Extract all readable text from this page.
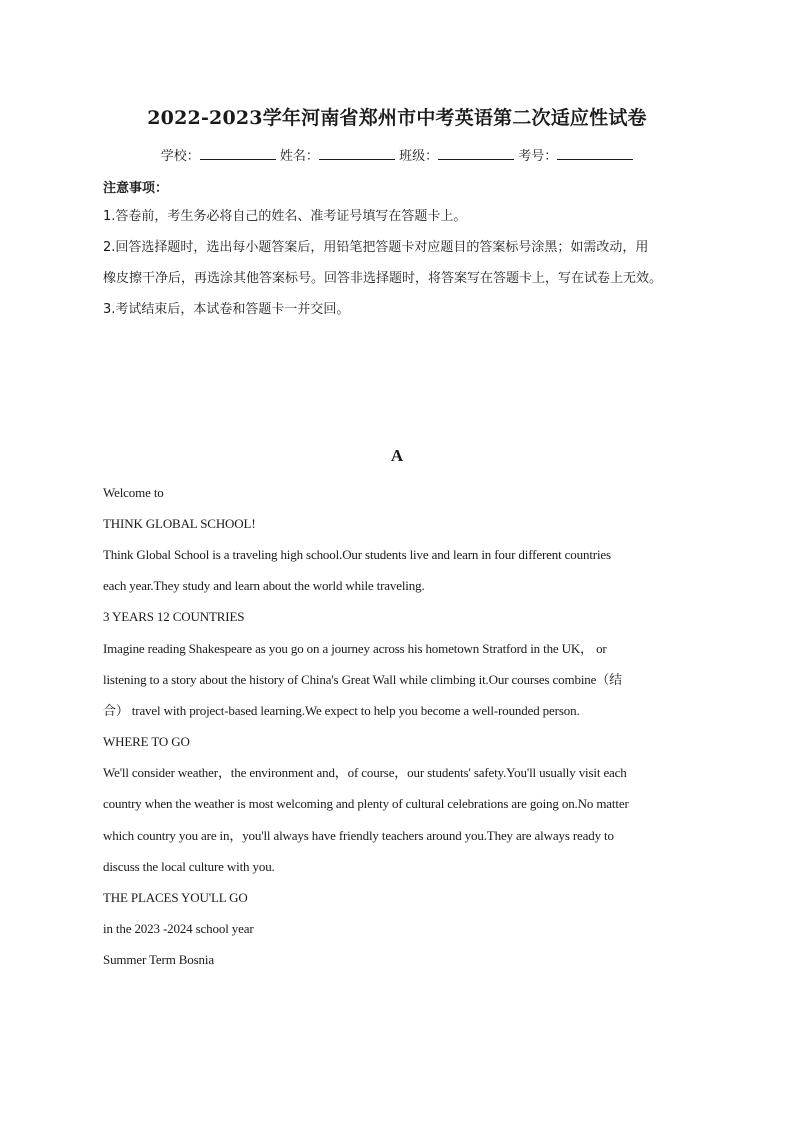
2022-2023学年河南省郑州市中考英语第二次适应性试卷
学校：	姓名：	班级：	考号：
注意事项：
1.答卷前，考生务必将自己的姓名、准考证号填写在答题卡上。
2.回答选择题时，选出每小题答案后，用铅笔把答题卡对应题目的答案标号涂黑；如需改动，用
橡皮擦干净后，再选涂其他答案标号。回答非选择题时，将答案写在答题卡上，写在试卷上无效。
3.考试结束后，本试卷和答题卡一并交回。
A
Welcome to
THINK GLOBAL SCHOOL!
Think Global School is a traveling high school.Our students live and learn in four different countries
each year.They study and learn about the world while traveling.
3 YEARS 12 COUNTRIES
Imagine reading Shakespeare as you go on a journey across his hometown Stratford in the UK， or
listening to a story about the history of China's Great Wall while climbing it.Our courses combine（结
合） travel with project-based learning.We expect to help you become a well-rounded person.
WHERE TO GO
We'll consider weather，the environment and，of course，our students' safety.You'll usually visit each
country when the weather is most welcoming and plenty of cultural celebrations are going on.No matter
which country you are in，you'll always have friendly teachers around you.They are always ready to
discuss the local culture with you.
THE PLACES YOU'LL GO
in the 2023 -2024 school year
Summer Term Bosnia
